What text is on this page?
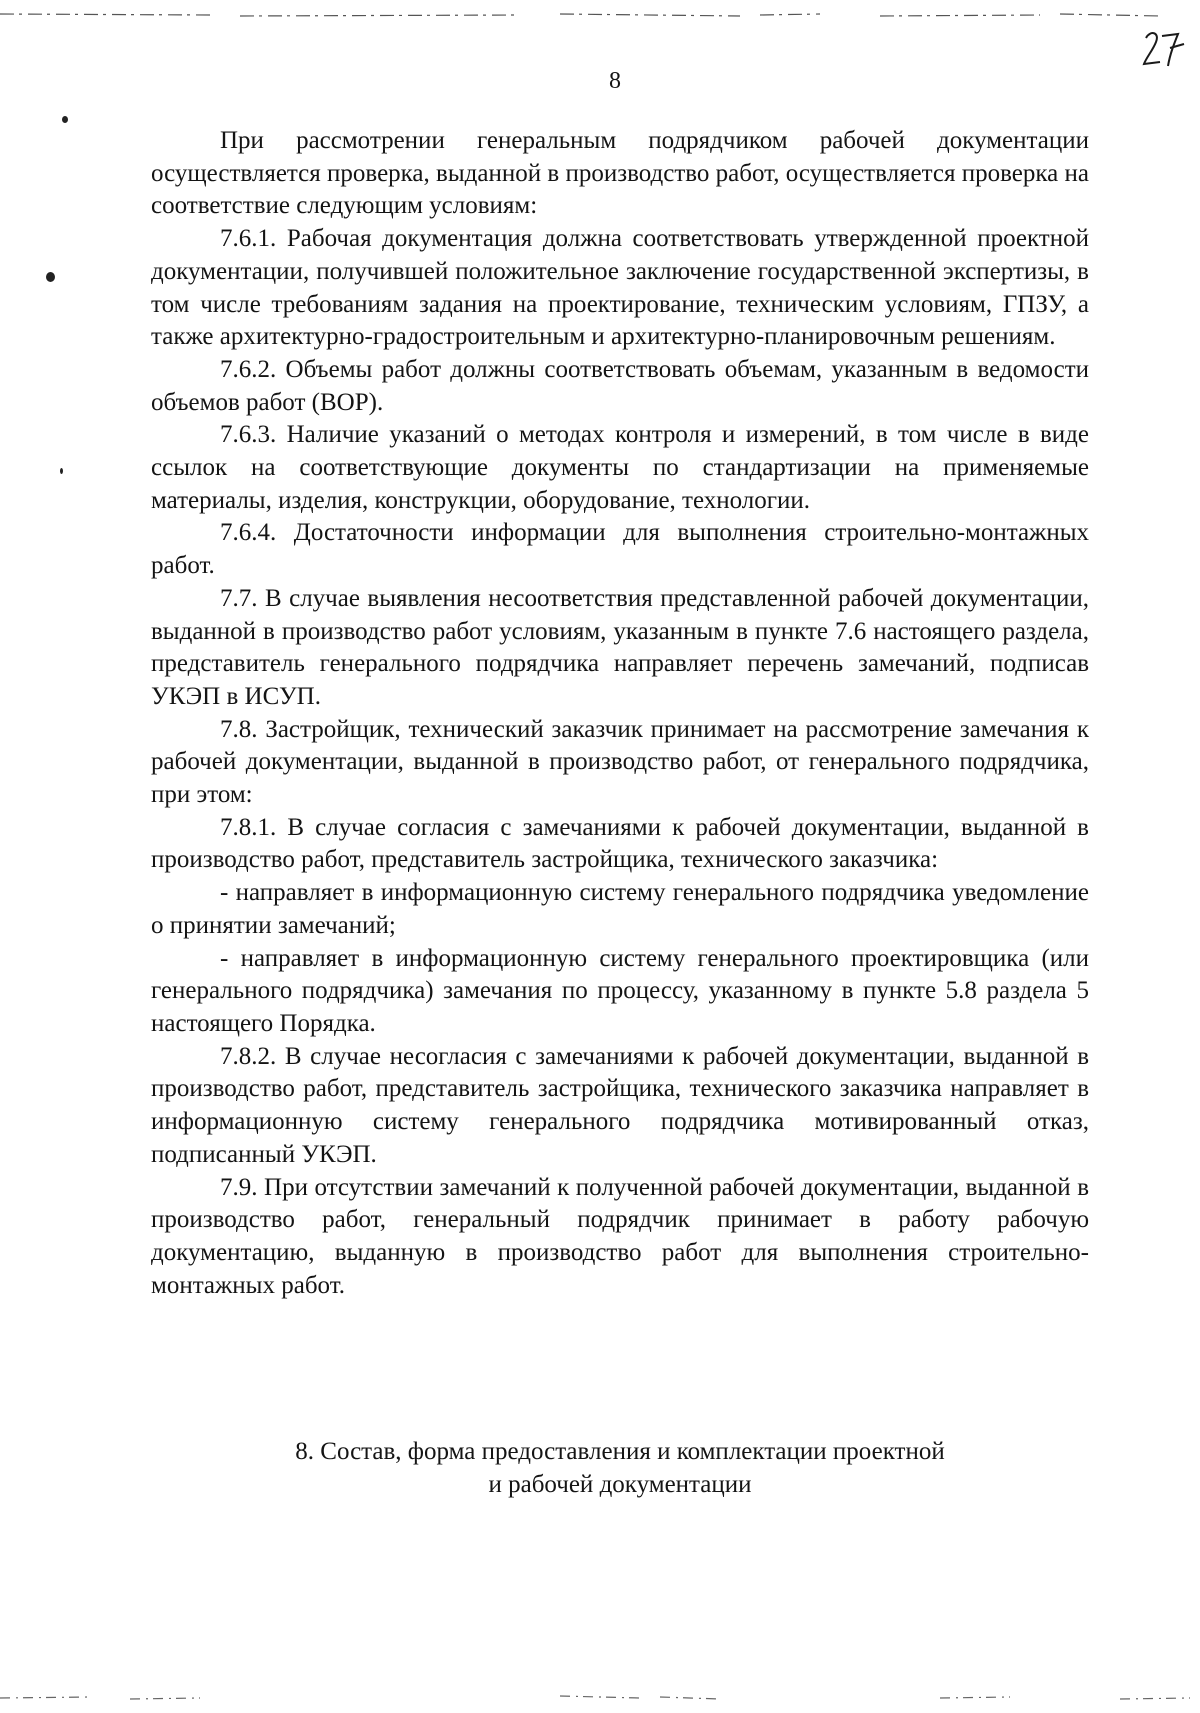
8

При рассмотрении генеральным подрядчиком рабочей документации осуществляется проверка, выданной в производство работ, осуществляется проверка на соответствие следующим условиям:

7.6.1. Рабочая документация должна соответствовать утвержденной проектной документации, получившей положительное заключение государственной экспертизы, в том числе требованиям задания на проектирование, техническим условиям, ГПЗУ, а также архитектурно-градостроительным и архитектурно-планировочным решениям.

7.6.2. Объемы работ должны соответствовать объемам, указанным в ведомости объемов работ (ВОР).

7.6.3. Наличие указаний о методах контроля и измерений, в том числе в виде ссылок на соответствующие документы по стандартизации на применяемые материалы, изделия, конструкции, оборудование, технологии.

7.6.4. Достаточности информации для выполнения строительно-монтажных работ.

7.7. В случае выявления несоответствия представленной рабочей документации, выданной в производство работ условиям, указанным в пункте 7.6 настоящего раздела, представитель генерального подрядчика направляет перечень замечаний, подписав УКЭП в ИСУП.

7.8. Застройщик, технический заказчик принимает на рассмотрение замечания к рабочей документации, выданной в производство работ, от генерального подрядчика, при этом:

7.8.1. В случае согласия с замечаниями к рабочей документации, выданной в производство работ, представитель застройщика, технического заказчика:

- направляет в информационную систему генерального подрядчика уведомление о принятии замечаний;

- направляет в информационную систему генерального проектировщика (или генерального подрядчика) замечания по процессу, указанному в пункте 5.8 раздела 5 настоящего Порядка.

7.8.2. В случае несогласия с замечаниями к рабочей документации, выданной в производство работ, представитель застройщика, технического заказчика направляет в информационную систему генерального подрядчика мотивированный отказ, подписанный УКЭП.

7.9. При отсутствии замечаний к полученной рабочей документации, выданной в производство работ, генеральный подрядчик принимает в работу рабочую документацию, выданную в производство работ для выполнения строительно-монтажных работ.

8. Состав, форма предоставления и комплектации проектной
и рабочей документации
